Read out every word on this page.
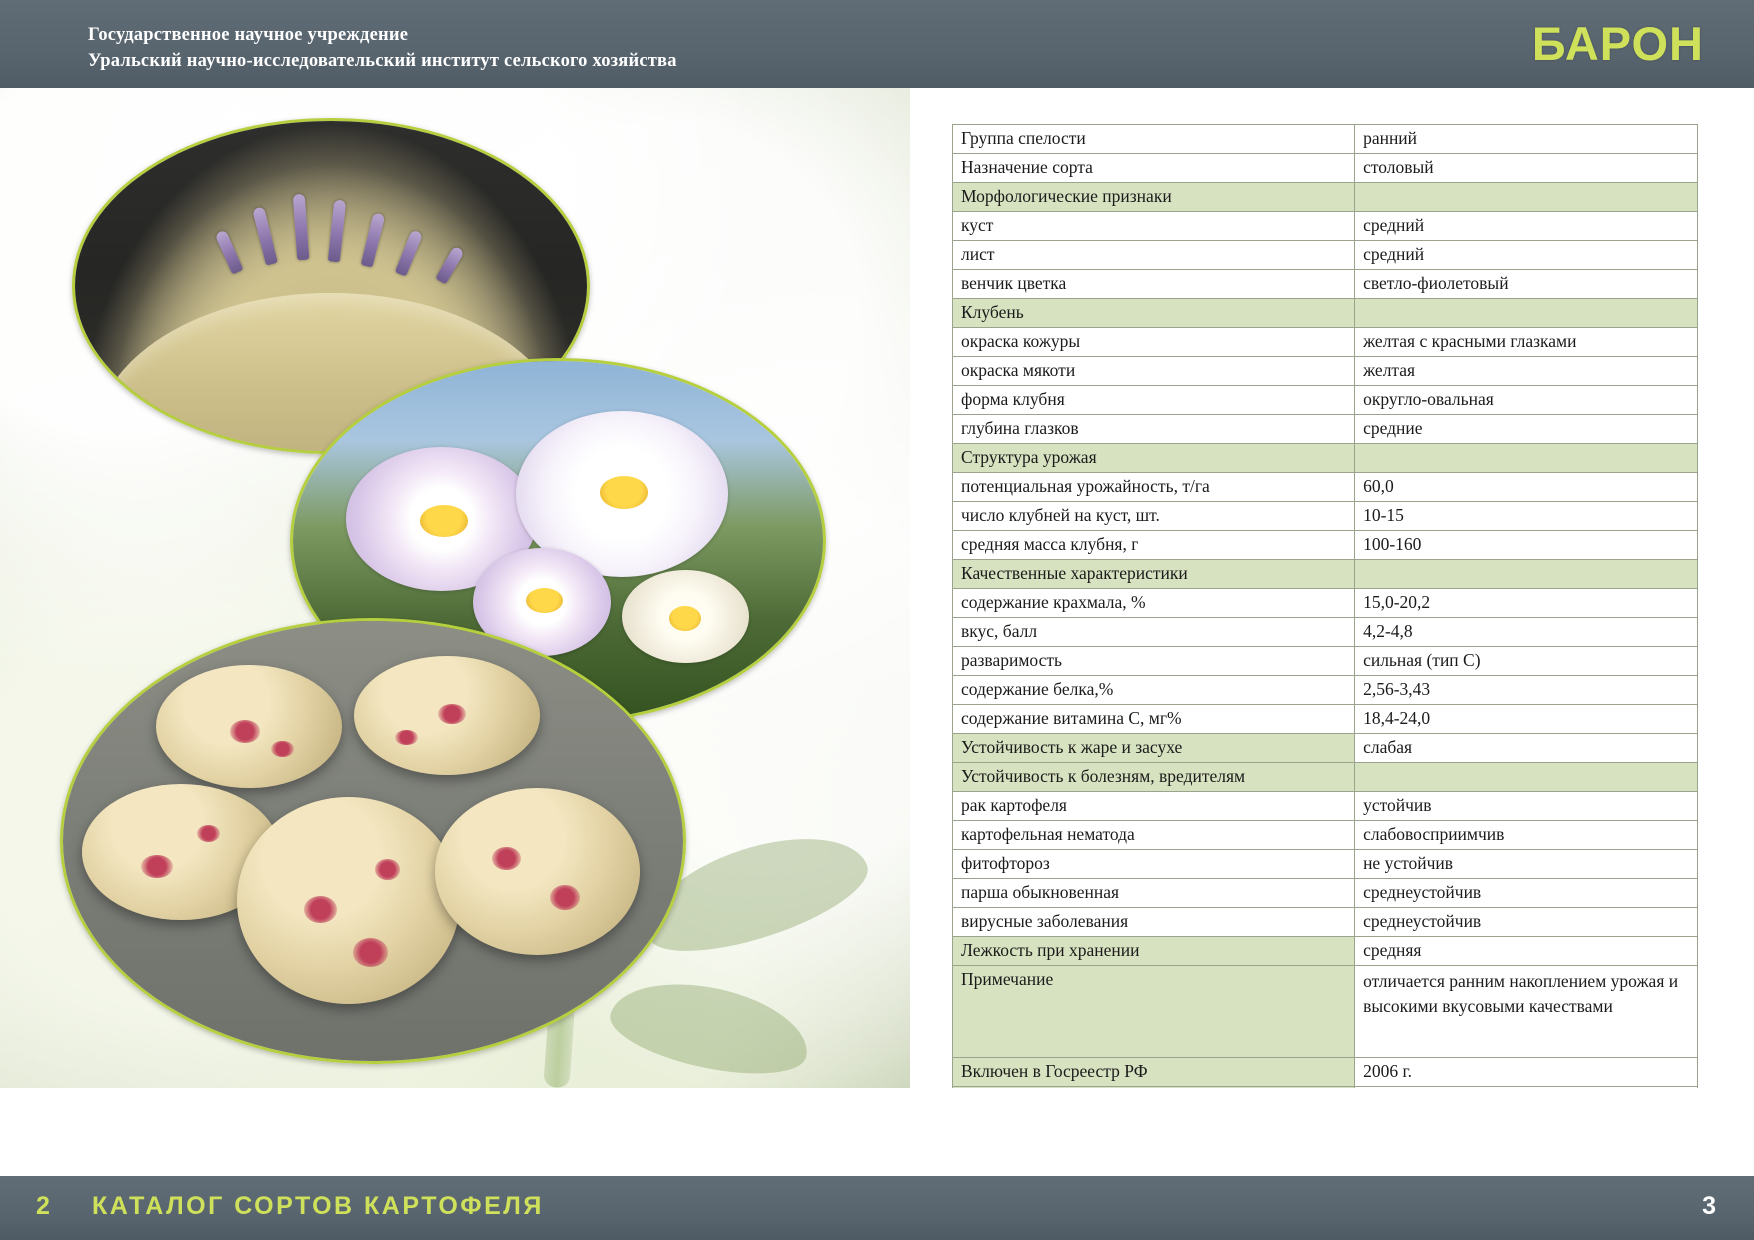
Государственное научное учреждение
Уральский научно-исследовательский институт сельского хозяйства	БАРОН
Группа спелости	ранний
Назначение сорта	столовый
Морфологические признаки	
куст	средний
лист	средний
венчик цветка	светло-фиолетовый
Клубень	
окраска кожуры	желтая с красными глазками
окраска мякоти	желтая
форма клубня	округло-овальная
глубина глазков	средние
Структура урожая	
потенциальная урожайность, т/га	60,0
число клубней на куст, шт.	10-15
средняя масса клубня, г	100-160
Качественные характеристики	
содержание крахмала, %	15,0-20,2
вкус, балл	4,2-4,8
разваримость	сильная (тип С)
содержание белка,%	2,56-3,43
содержание витамина С, мг%	18,4-24,0
Устойчивость к жаре и засухе	слабая
Устойчивость к болезням, вредителям	
рак картофеля	устойчив
картофельная нематода	слабовосприимчив
фитофтороз	не устойчив
парша обыкновенная	среднеустойчив
вирусные заболевания	среднеустойчив
Лежкость при хранении	средняя
Примечание	отличается ранним накоплением урожая и высокими вкусовыми качествами
Включен в Госреестр РФ	2006 г.

2 КАТАЛОГ СОРТОВ КАРТОФЕЛЯ	3
